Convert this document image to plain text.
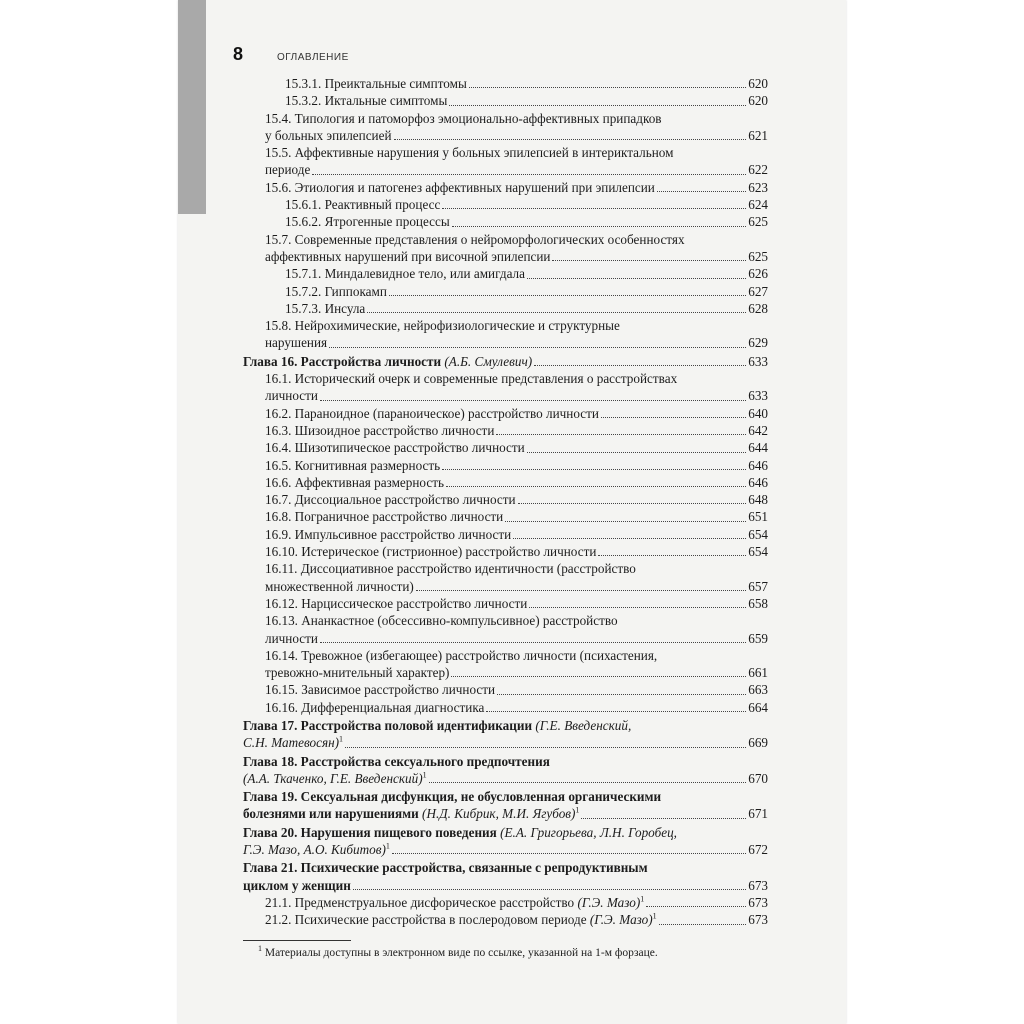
8	ОГЛАВЛЕНИЕ
15.3.1. Преиктальные симптомы	620
15.3.2. Иктальные симптомы	620
15.4. Типология и патоморфоз эмоционально-аффективных припадков
у больных эпилепсией	621
15.5. Аффективные нарушения у больных эпилепсией в интериктальном
периоде	622
15.6. Этиология и патогенез аффективных нарушений при эпилепсии	623
15.6.1. Реактивный процесс	624
15.6.2. Ятрогенные процессы	625
15.7. Современные представления о нейроморфологических особенностях
аффективных нарушений при височной эпилепсии	625
15.7.1. Миндалевидное тело, или амигдала	626
15.7.2. Гиппокамп	627
15.7.3. Инсула	628
15.8. Нейрохимические, нейрофизиологические и структурные
нарушения	629
Глава 16. Расстройства личности (А.Б. Смулевич)	633
16.1. Исторический очерк и современные представления о расстройствах
личности	633
16.2. Параноидное (параноическое) расстройство личности	640
16.3. Шизоидное расстройство личности	642
16.4. Шизотипическое расстройство личности	644
16.5. Когнитивная размерность	646
16.6. Аффективная размерность	646
16.7. Диссоциальное расстройство личности	648
16.8. Пограничное расстройство личности	651
16.9. Импульсивное расстройство личности	654
16.10. Истерическое (гистрионное) расстройство личности	654
16.11. Диссоциативное расстройство идентичности (расстройство
множественной личности)	657
16.12. Нарциссическое расстройство личности	658
16.13. Ананкастное (обсессивно-компульсивное) расстройство
личности	659
16.14. Тревожное (избегающее) расстройство личности (психастения,
тревожно-мнительный характер)	661
16.15. Зависимое расстройство личности	663
16.16. Дифференциальная диагностика	664
Глава 17. Расстройства половой идентификации (Г.Е. Введенский,
С.Н. Матевосян)$^1$	669
Глава 18. Расстройства сексуального предпочтения
(А.А. Ткаченко, Г.Е. Введенский)$^1$	670
Глава 19. Сексуальная дисфункция, не обусловленная органическими
болезнями или нарушениями (Н.Д. Кибрик, М.И. Ягубов)$^1$	671
Глава 20. Нарушения пищевого поведения (Е.А. Григорьева, Л.Н. Горобец,
Г.Э. Мазо, А.О. Кибитов)$^1$	672
Глава 21. Психические расстройства, связанные с репродуктивным
циклом у женщин	673
21.1. Предменструальное дисфорическое расстройство (Г.Э. Мазо)$^1$	673
21.2. Психические расстройства в послеродовом периоде (Г.Э. Мазо)$^1$	673
$^1$ Материалы доступны в электронном виде по ссылке, указанной на 1-м форзаце.
